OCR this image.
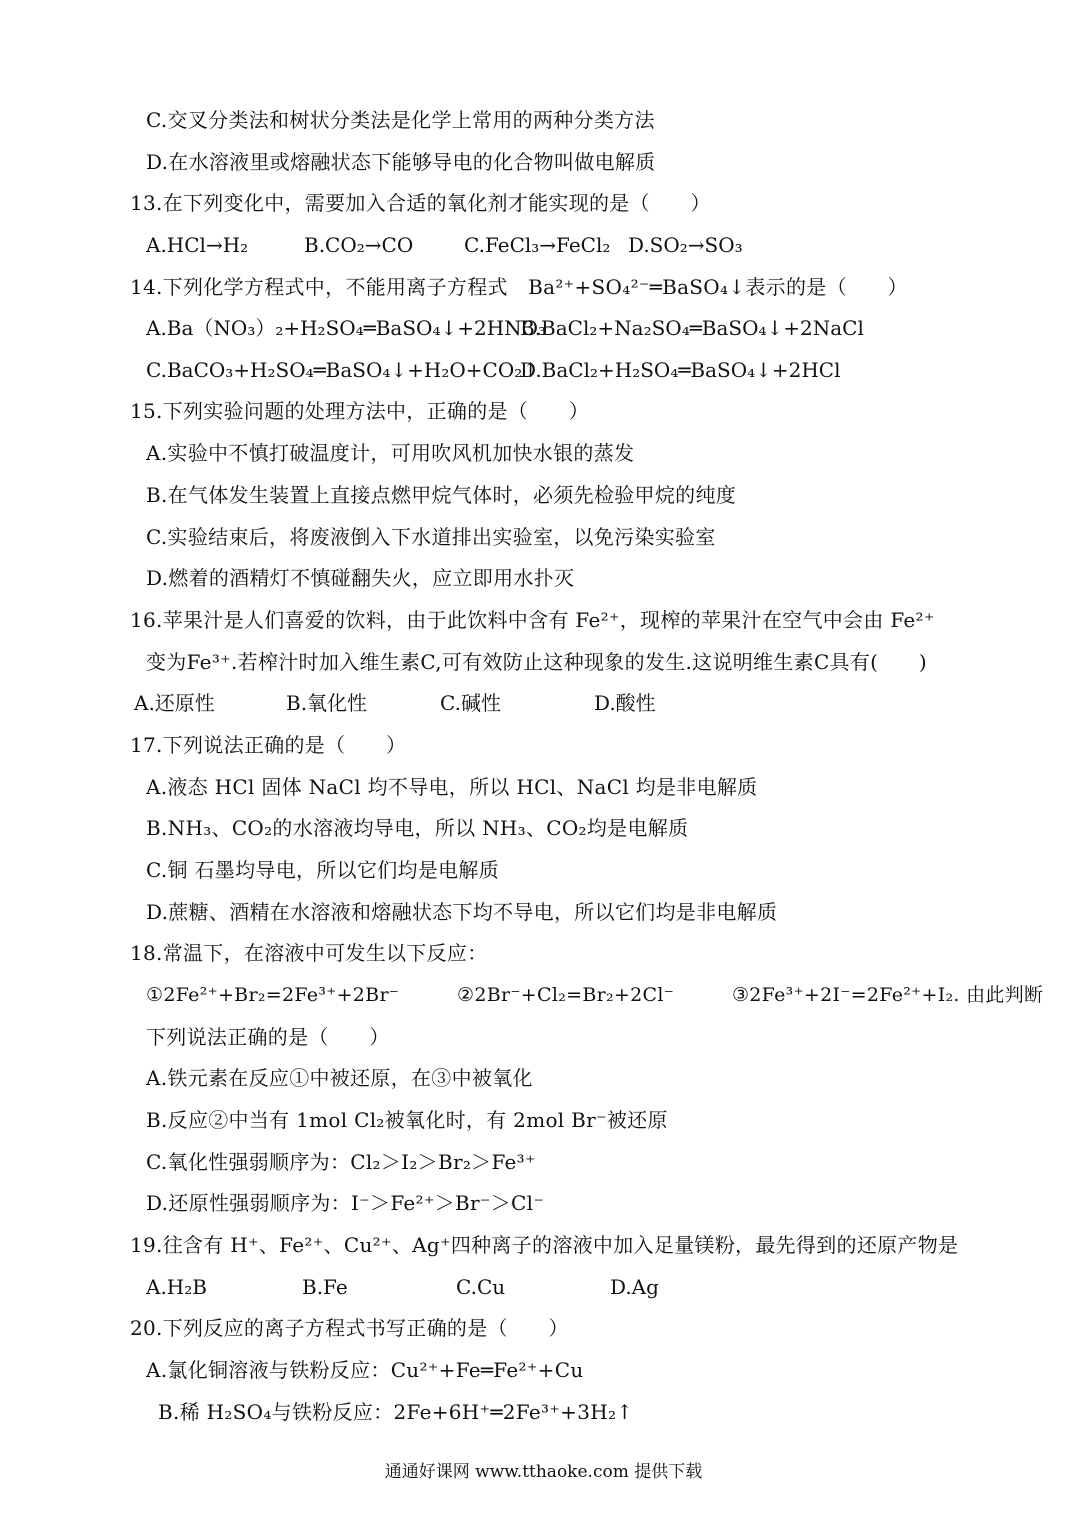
C.交叉分类法和树状分类法是化学上常用的两种分类方法
D.在水溶液里或熔融状态下能够导电的化合物叫做电解质
13.在下列变化中，需要加入合适的氧化剂才能实现的是（　　）
A.HCl→H₂	B.CO₂→CO	C.FeCl₃→FeCl₂ D.SO₂→SO₃
14.下列化学方程式中，不能用离子方程式　Ba²⁺+SO₄²⁻═BaSO₄↓表示的是（　　）
A.Ba（NO₃）₂+H₂SO₄═BaSO₄↓+2HNO₃
B.BaCl₂+Na₂SO₄═BaSO₄↓+2NaCl
C.BaCO₃+H₂SO₄═BaSO₄↓+H₂O+CO₂↑
D.BaCl₂+H₂SO₄═BaSO₄↓+2HCl
15.下列实验问题的处理方法中，正确的是（　　）
A.实验中不慎打破温度计，可用吹风机加快水银的蒸发
B.在气体发生装置上直接点燃甲烷气体时，必须先检验甲烷的纯度
C.实验结束后，将废液倒入下水道排出实验室，以免污染实验室
D.燃着的酒精灯不慎碰翻失火，应立即用水扑灭
16.苹果汁是人们喜爱的饮料，由于此饮料中含有 Fe²⁺，现榨的苹果汁在空气中会由 Fe²⁺
变为Fe³⁺.若榨汁时加入维生素C,可有效防止这种现象的发生.这说明维生素C具有(　　)
A.还原性	B.氧化性	C.碱性	D.酸性
17.下列说法正确的是（　　）
A.液态 HCl 固体 NaCl 均不导电，所以 HCl、NaCl 均是非电解质
B.NH₃、CO₂的水溶液均导电，所以 NH₃、CO₂均是电解质
C.铜 石墨均导电，所以它们均是电解质
D.蔗糖、酒精在水溶液和熔融状态下均不导电，所以它们均是非电解质
18.常温下，在溶液中可发生以下反应：
①2Fe²⁺+Br₂=2Fe³⁺+2Br⁻　　　②2Br⁻+Cl₂=Br₂+2Cl⁻　　　③2Fe³⁺+2I⁻=2Fe²⁺+I₂. 由此判断
下列说法正确的是（　　）
A.铁元素在反应①中被还原，在③中被氧化
B.反应②中当有 1mol Cl₂被氧化时，有 2mol Br⁻被还原
C.氧化性强弱顺序为：Cl₂＞I₂＞Br₂＞Fe³⁺
D.还原性强弱顺序为：I⁻＞Fe²⁺＞Br⁻＞Cl⁻
19.往含有 H⁺、Fe²⁺、Cu²⁺、Ag⁺四种离子的溶液中加入足量镁粉，最先得到的还原产物是
A.H₂B	B.Fe	C.Cu	D.Ag
20.下列反应的离子方程式书写正确的是（　　）
A.氯化铜溶液与铁粉反应：Cu²⁺+Fe═Fe²⁺+Cu
B.稀 H₂SO₄与铁粉反应：2Fe+6H⁺═2Fe³⁺+3H₂↑
通通好课网 www.tthaoke.com 提供下载
